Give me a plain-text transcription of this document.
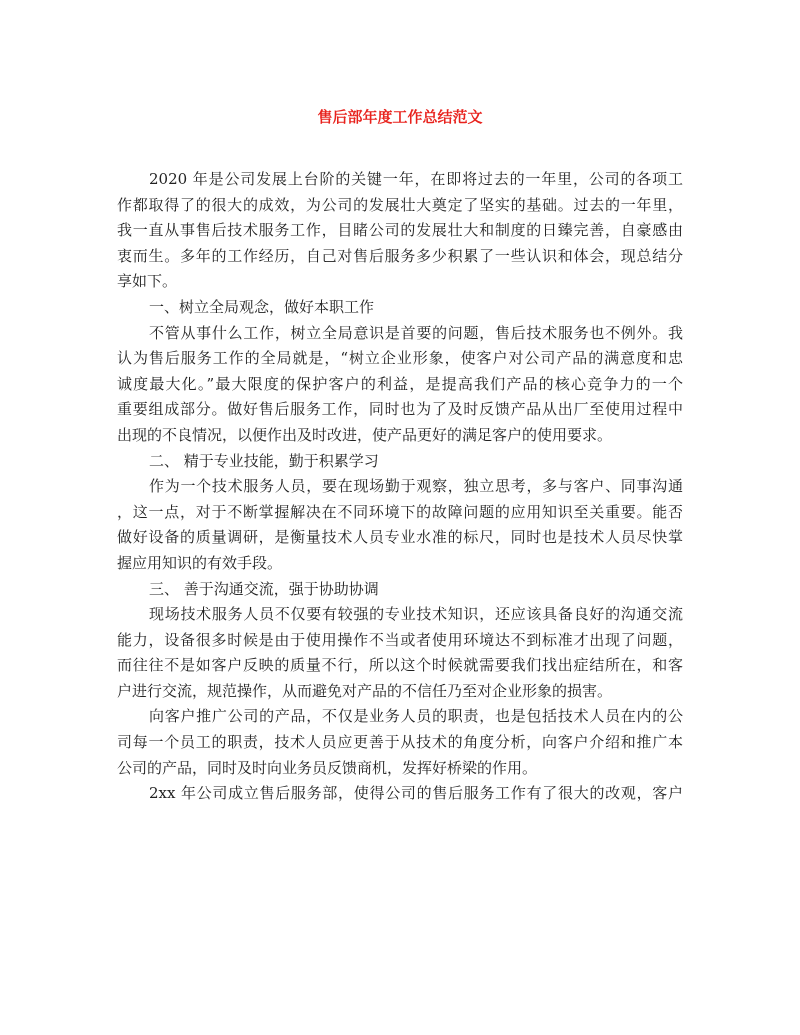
售后部年度工作总结范文
2020 年是公司发展上台阶的关键一年，在即将过去的一年里，公司的各项工
作都取得了的很大的成效，为公司的发展壮大奠定了坚实的基础。过去的一年里，
我一直从事售后技术服务工作，目睹公司的发展壮大和制度的日臻完善，自豪感由
衷而生。多年的工作经历，自己对售后服务多少积累了一些认识和体会，现总结分
享如下。
一、树立全局观念，做好本职工作
不管从事什么工作，树立全局意识是首要的问题，售后技术服务也不例外。我
认为售后服务工作的全局就是，“树立企业形象，使客户对公司产品的满意度和忠
诚度最大化。”最大限度的保护客户的利益，是提高我们产品的核心竞争力的一个
重要组成部分。做好售后服务工作，同时也为了及时反馈产品从出厂至使用过程中
出现的不良情况，以便作出及时改进，使产品更好的满足客户的使用要求。
二、 精于专业技能，勤于积累学习
作为一个技术服务人员，要在现场勤于观察，独立思考，多与客户、同事沟通
，这一点，对于不断掌握解决在不同环境下的故障问题的应用知识至关重要。能否
做好设备的质量调研，是衡量技术人员专业水准的标尺，同时也是技术人员尽快掌
握应用知识的有效手段。
三、 善于沟通交流，强于协助协调
现场技术服务人员不仅要有较强的专业技术知识，还应该具备良好的沟通交流
能力，设备很多时候是由于使用操作不当或者使用环境达不到标准才出现了问题，
而往往不是如客户反映的质量不行，所以这个时候就需要我们找出症结所在，和客
户进行交流，规范操作，从而避免对产品的不信任乃至对企业形象的损害。
向客户推广公司的产品，不仅是业务人员的职责，也是包括技术人员在内的公
司每一个员工的职责，技术人员应更善于从技术的角度分析，向客户介绍和推广本
公司的产品，同时及时向业务员反馈商机，发挥好桥梁的作用。
2xx 年公司成立售后服务部，使得公司的售后服务工作有了很大的改观，客户
